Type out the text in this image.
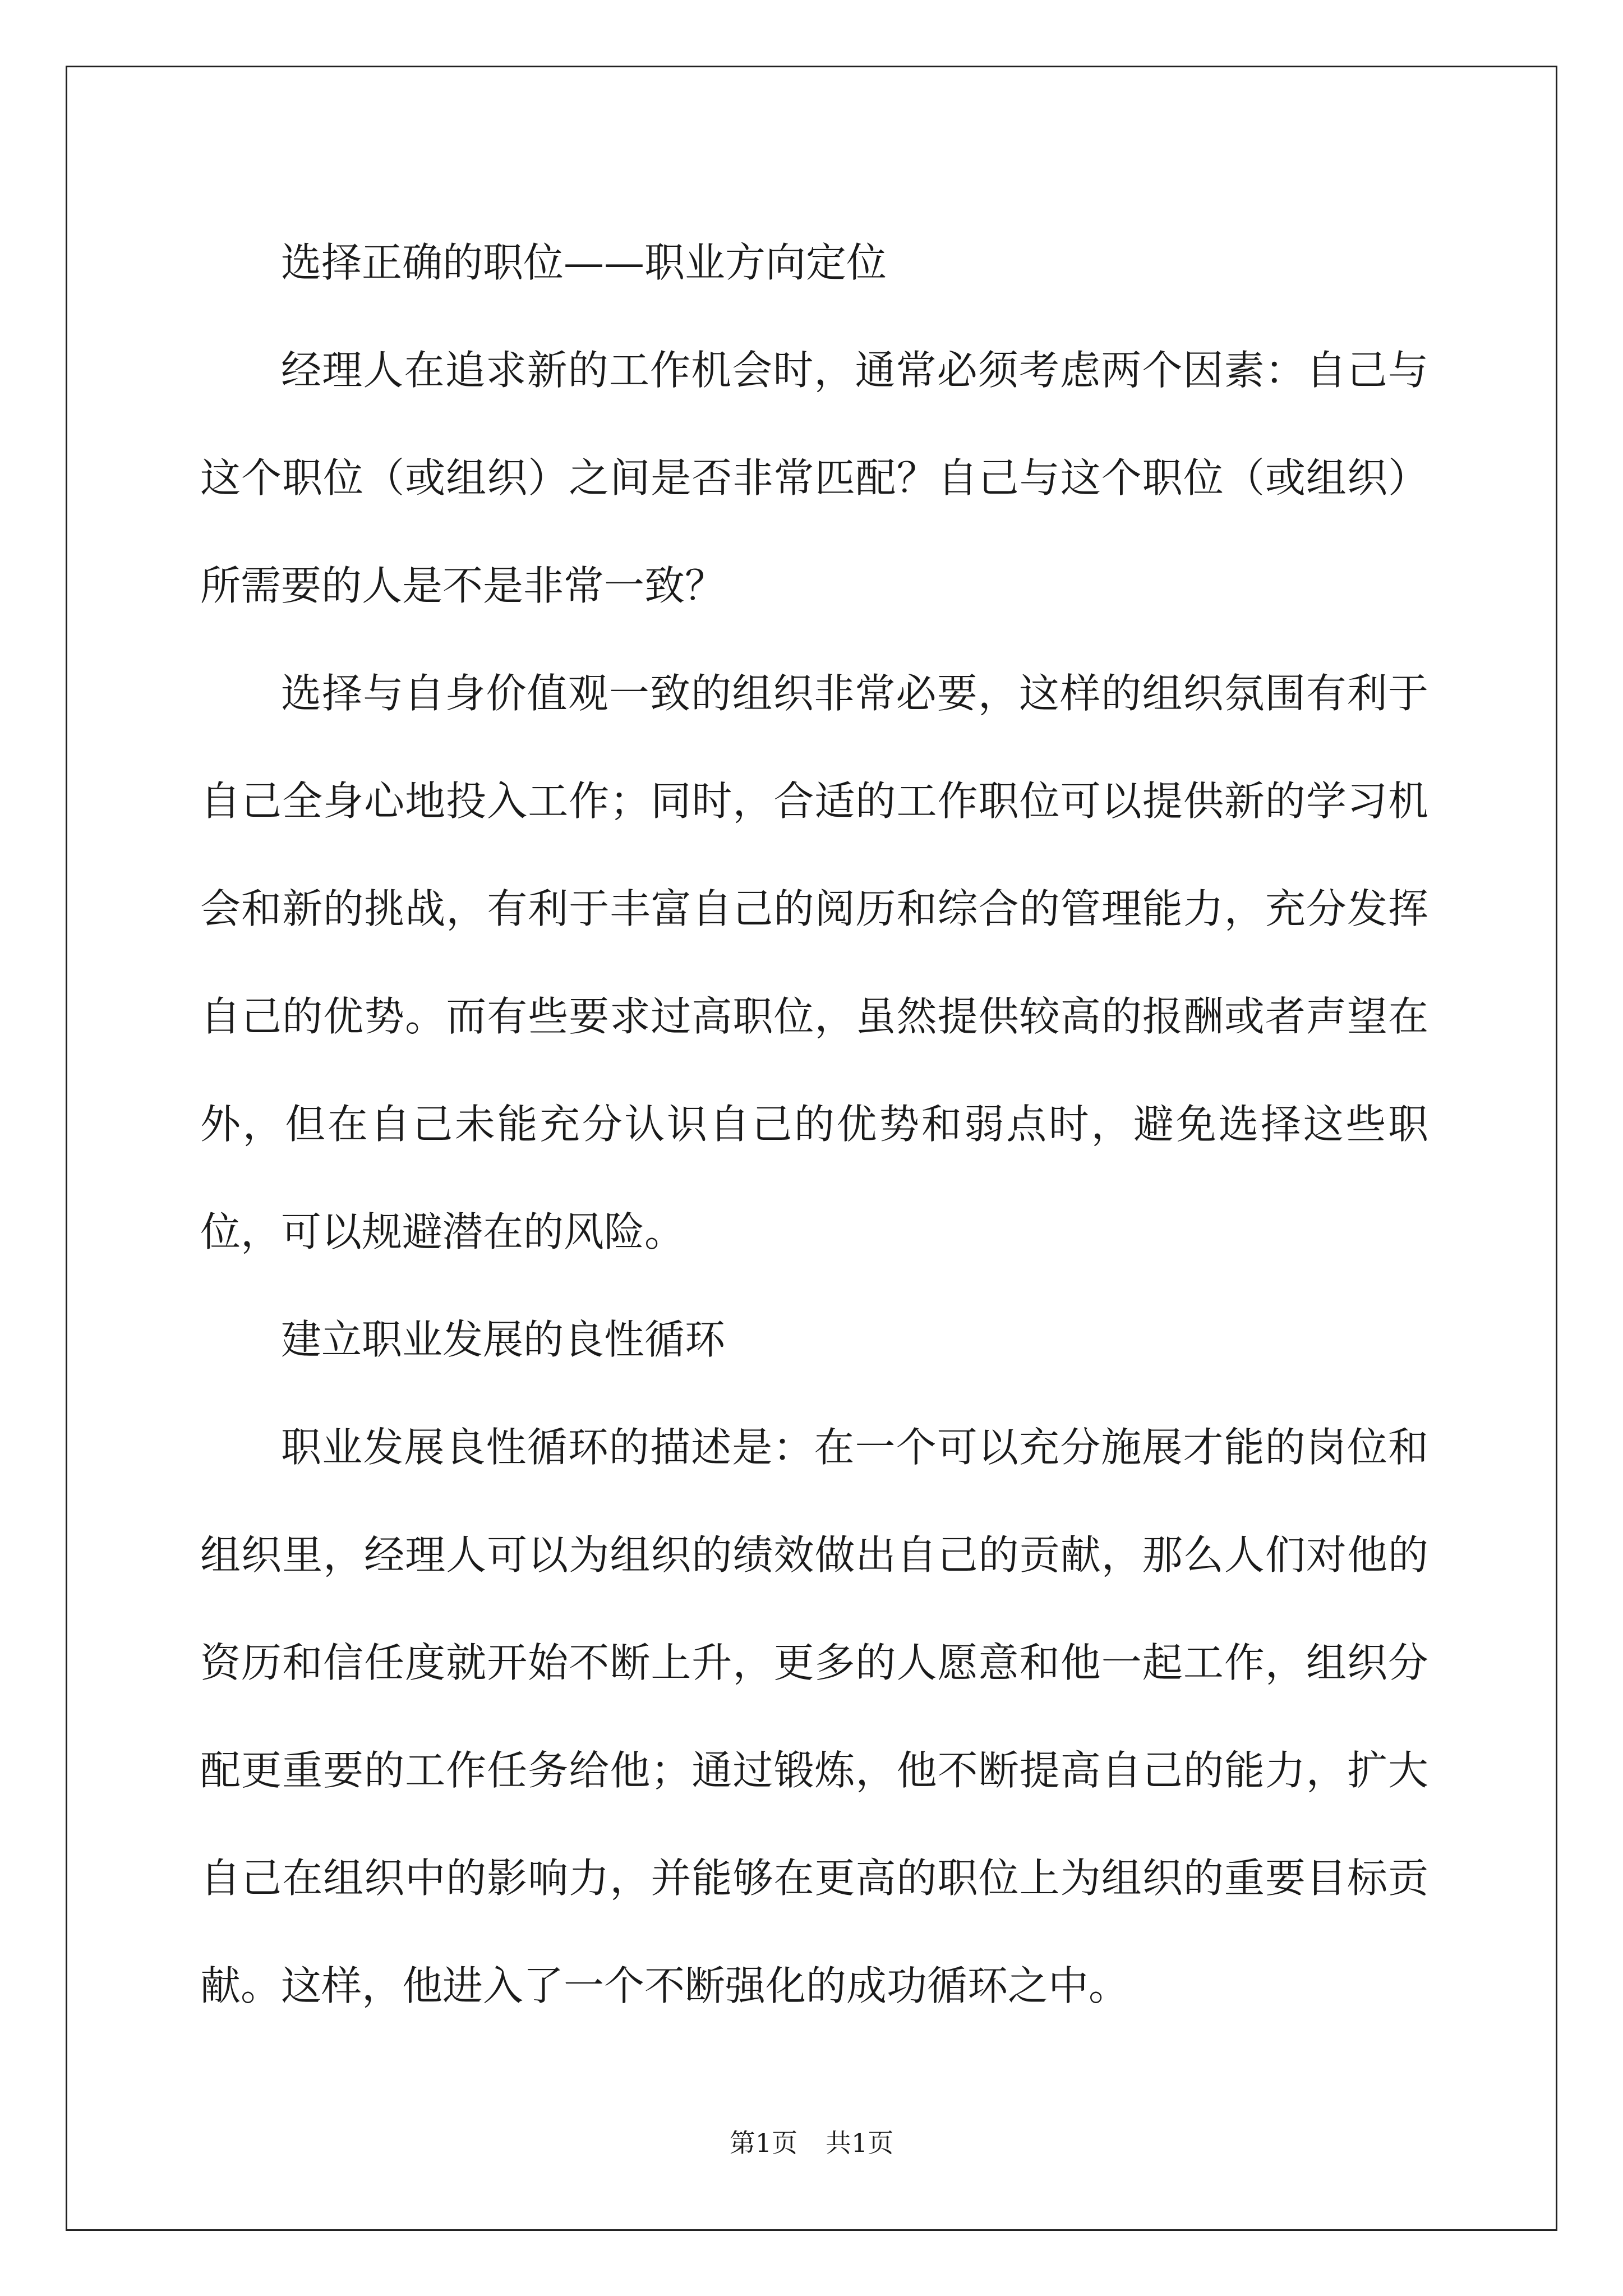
选择正确的职位——职业方向定位

经理人在追求新的工作机会时，通常必须考虑两个因素：自己与这个职位（或组织）之间是否非常匹配？自己与这个职位（或组织）所需要的人是不是非常一致？

选择与自身价值观一致的组织非常必要，这样的组织氛围有利于自己全身心地投入工作；同时，合适的工作职位可以提供新的学习机会和新的挑战，有利于丰富自己的阅历和综合的管理能力，充分发挥自己的优势。而有些要求过高职位，虽然提供较高的报酬或者声望在外，但在自己未能充分认识自己的优势和弱点时，避免选择这些职位，可以规避潜在的风险。

建立职业发展的良性循环

职业发展良性循环的描述是：在一个可以充分施展才能的岗位和组织里，经理人可以为组织的绩效做出自己的贡献，那么人们对他的资历和信任度就开始不断上升，更多的人愿意和他一起工作，组织分配更重要的工作任务给他；通过锻炼，他不断提高自己的能力，扩大自己在组织中的影响力，并能够在更高的职位上为组织的重要目标贡献。这样，他进入了一个不断强化的成功循环之中。

第1页 共1页
